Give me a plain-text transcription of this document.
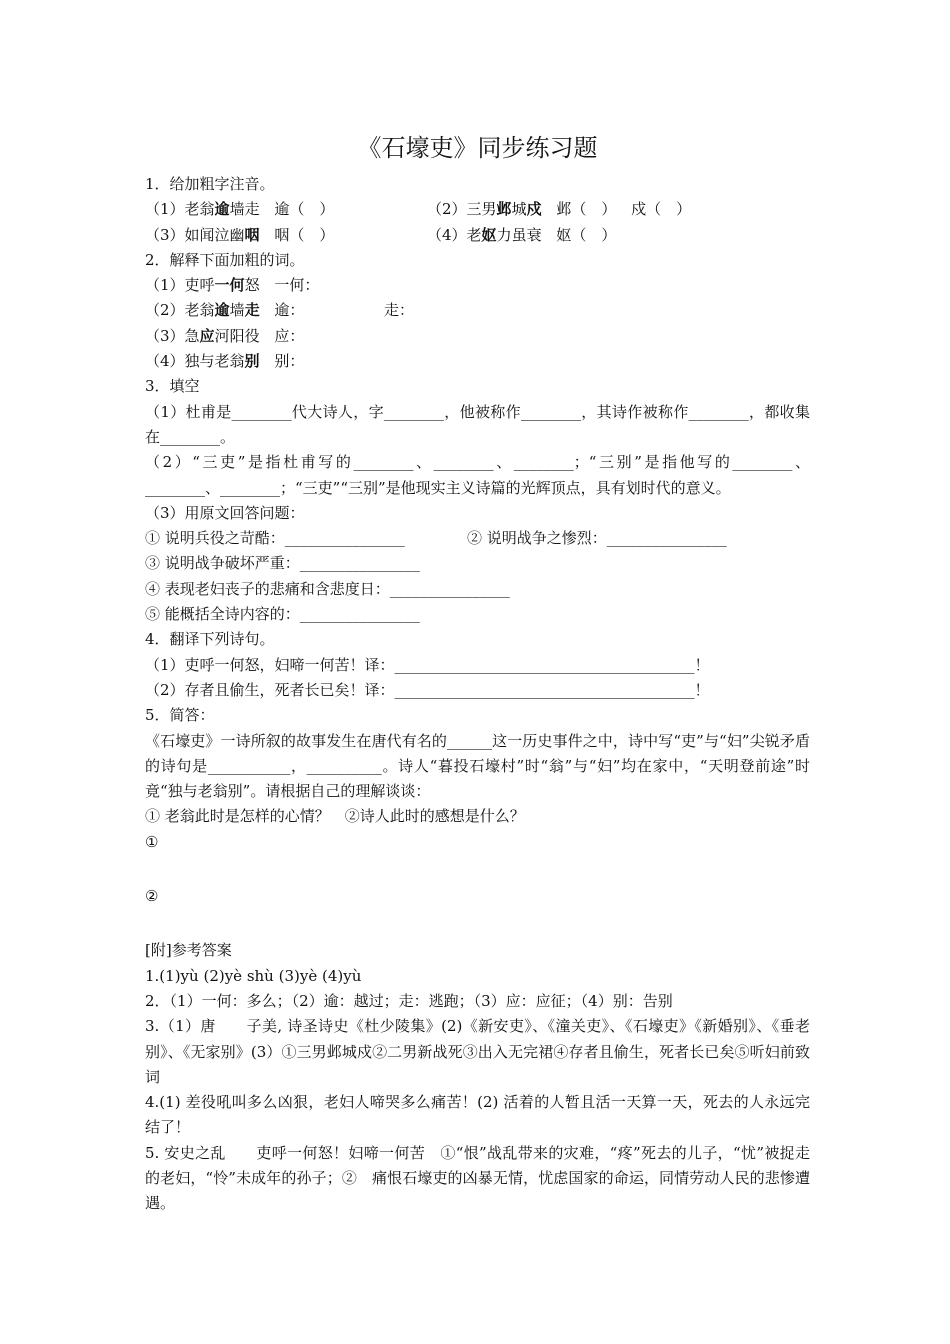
《石壕吏》同步练习题
1．给加粗字注音。
（1）老翁逾墙走 逾（　）	（2）三男邺城戍 邺（　） 戍（　）
（3）如闻泣幽咽 咽（　）	（4）老妪力虽衰 妪（　）
2．解释下面加粗的词。
（1）吏呼一何怒 一何：
（2）老翁逾墙走 逾：	走：
（3）急应河阳役 应：
（4）独与老翁别 别：
3．填空
（1）杜甫是________代大诗人，字________，他被称作________，其诗作被称作________，都收集在________。
（2）“三吏”是指杜甫写的________、________、________；“三别”是指他写的________、________、________；“三吏”“三别”是他现实主义诗篇的光辉顶点，具有划时代的意义。
（3）用原文回答问题：
① 说明兵役之苛酷：________________	② 说明战争之惨烈：________________
③ 说明战争破坏严重：________________
④ 表现老妇丧子的悲痛和含悲度日：________________
⑤ 能概括全诗内容的：________________
4．翻译下列诗句。
（1）吏呼一何怒，妇啼一何苦！译：________________________________________！
（2）存者且偷生，死者长已矣！译：________________________________________！
5．简答：
《石壕吏》一诗所叙的故事发生在唐代有名的______这一历史事件之中，诗中写“吏”与“妇”尖锐矛盾的诗句是___________，__________。诗人“暮投石壕村”时“翁”与“妇”均在家中，“天明登前途”时竟“独与老翁别”。请根据自己的理解谈谈：
① 老翁此时是怎样的心情？　②诗人此时的感想是什么？
①
②
[附]参考答案
1.(1)yù (2)yè shù (3)yè (4)yù
2．（1）一何：多么；（2）逾：越过；走：逃跑；（3）应：应征；（4）别：告别
3.（1）唐　　子美, 诗圣诗史《杜少陵集》(2)《新安吏》、《潼关吏》、《石壕吏》《新婚别》、《垂老别》、《无家别》(3）①三男邺城戍②二男新战死③出入无完裙④存者且偷生，死者长已矣⑤听妇前致词
4.(1) 差役吼叫多么凶狠，老妇人啼哭多么痛苦！(2) 活着的人暂且活一天算一天，死去的人永远完结了！
5. 安史之乱　　吏呼一何怒！妇啼一何苦　①“恨”战乱带来的灾难，“疼”死去的儿子，“忧”被捉走的老妇，“怜”未成年的孙子；②　痛恨石壕吏的凶暴无情，忧虑国家的命运，同情劳动人民的悲惨遭遇。
